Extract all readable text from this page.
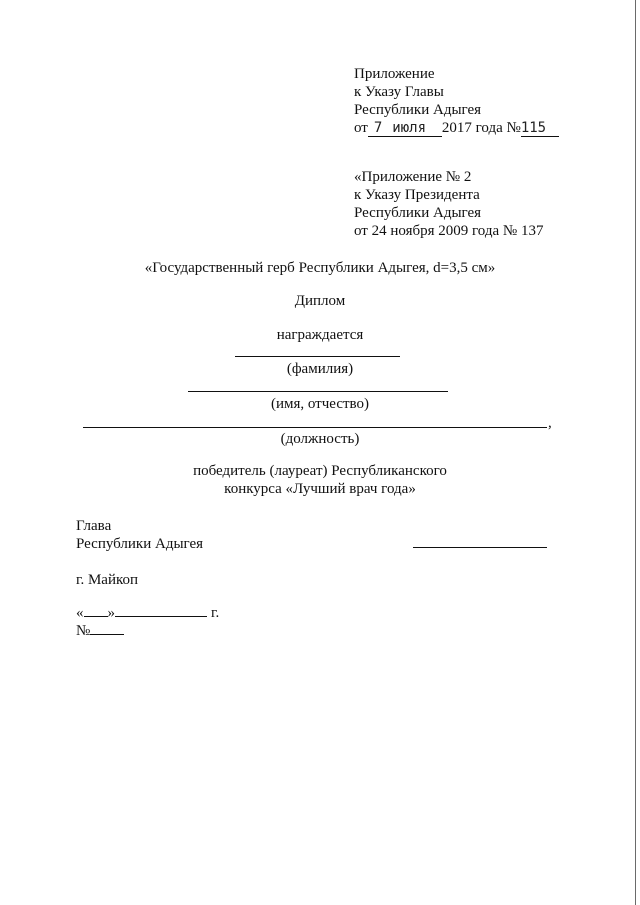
Приложение
к Указу Главы
Республики Адыгея
от 7 июля 2017 года №115
«Приложение № 2
к Указу Президента
Республики Адыгея
от 24 ноября 2009 года № 137
«Государственный герб Республики Адыгея, d=3,5 см»
Диплом
награждается
(фамилия)
(имя, отчество)
,
(должность)
победитель (лауреат) Республиканского
конкурса «Лучший врач года»
Глава
Республики Адыгея
г. Майкоп
« »	г.
№
